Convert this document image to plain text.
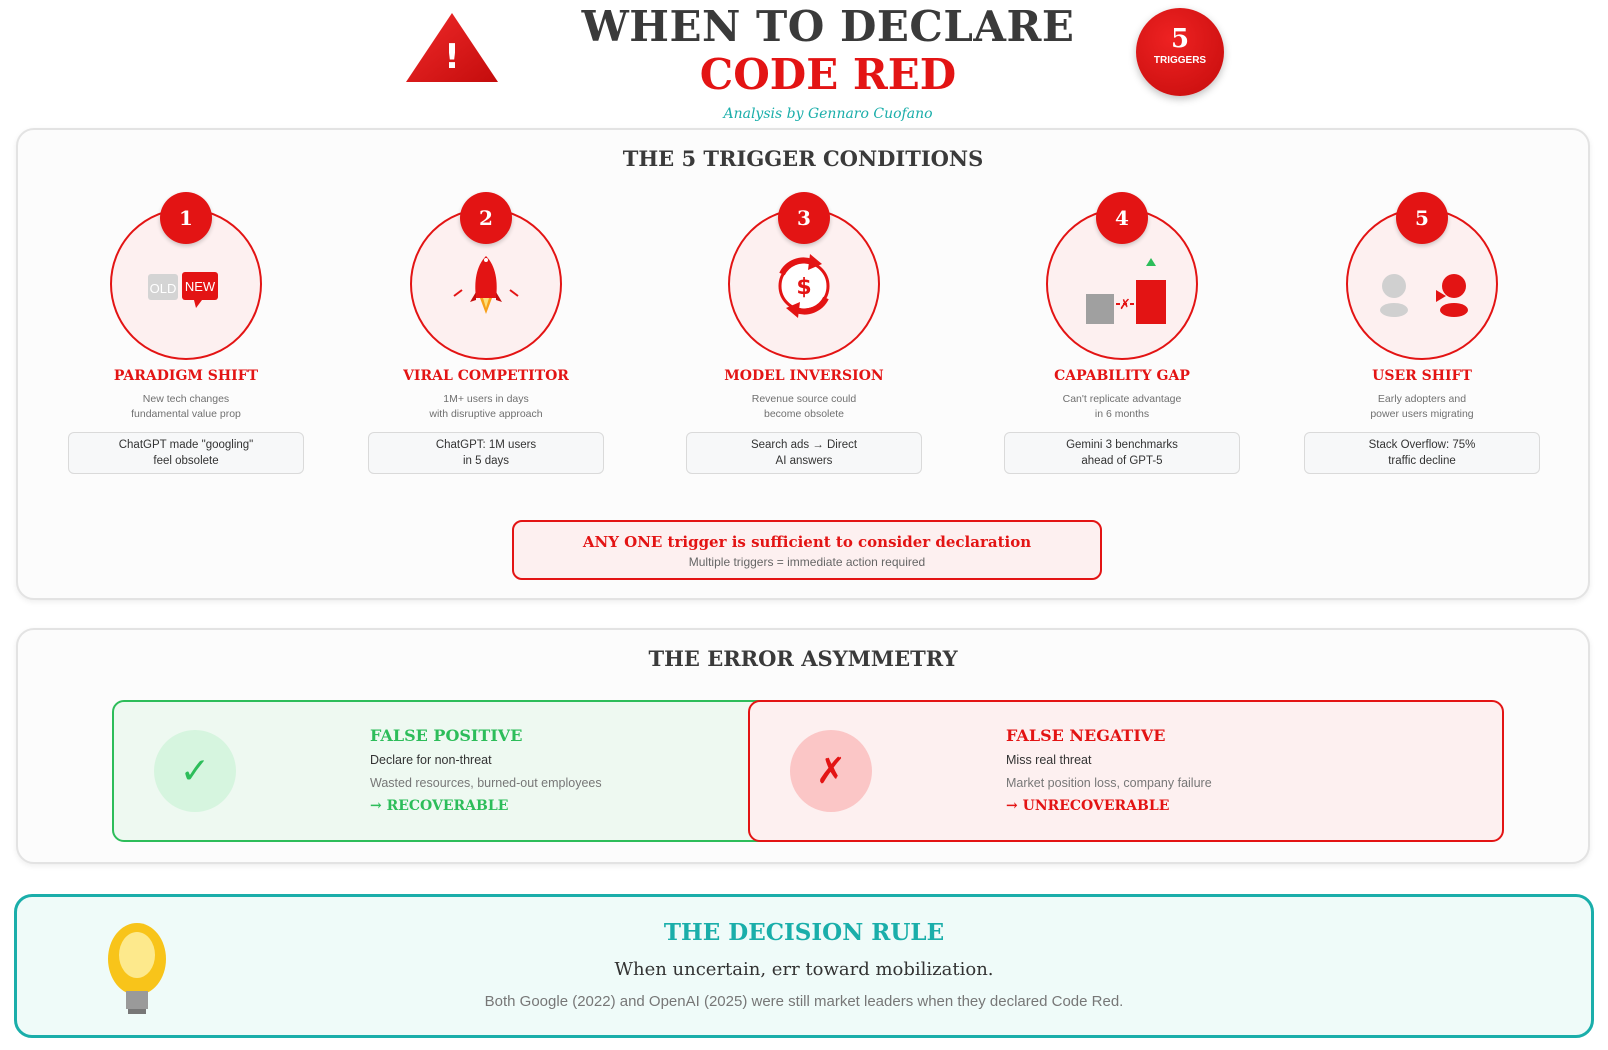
!
WHEN TO DECLARE
CODE RED
Analysis by Gennaro Cuofano
5
TRIGGERS
THE 5 TRIGGER CONDITIONS
1
OLD NEW
PARADIGM SHIFT
New tech changes
fundamental value prop
ChatGPT made "googling"
feel obsolete
2
VIRAL COMPETITOR
1M+ users in days
with disruptive approach
ChatGPT: 1M users
in 5 days
3
$
MODEL INVERSION
Revenue source could
become obsolete
Search ads → Direct
AI answers
4
✗
CAPABILITY GAP
Can't replicate advantage
in 6 months
Gemini 3 benchmarks
ahead of GPT-5
5
USER SHIFT
Early adopters and
power users migrating
Stack Overflow: 75%
traffic decline
ANY ONE trigger is sufficient to consider declaration
Multiple triggers = immediate action required
THE ERROR ASYMMETRY
✓
FALSE POSITIVE
Declare for non-threat
Wasted resources, burned-out employees
→ RECOVERABLE
✗
FALSE NEGATIVE
Miss real threat
Market position loss, company failure
→ UNRECOVERABLE
THE DECISION RULE
When uncertain, err toward mobilization.
Both Google (2022) and OpenAI (2025) were still market leaders when they declared Code Red.
